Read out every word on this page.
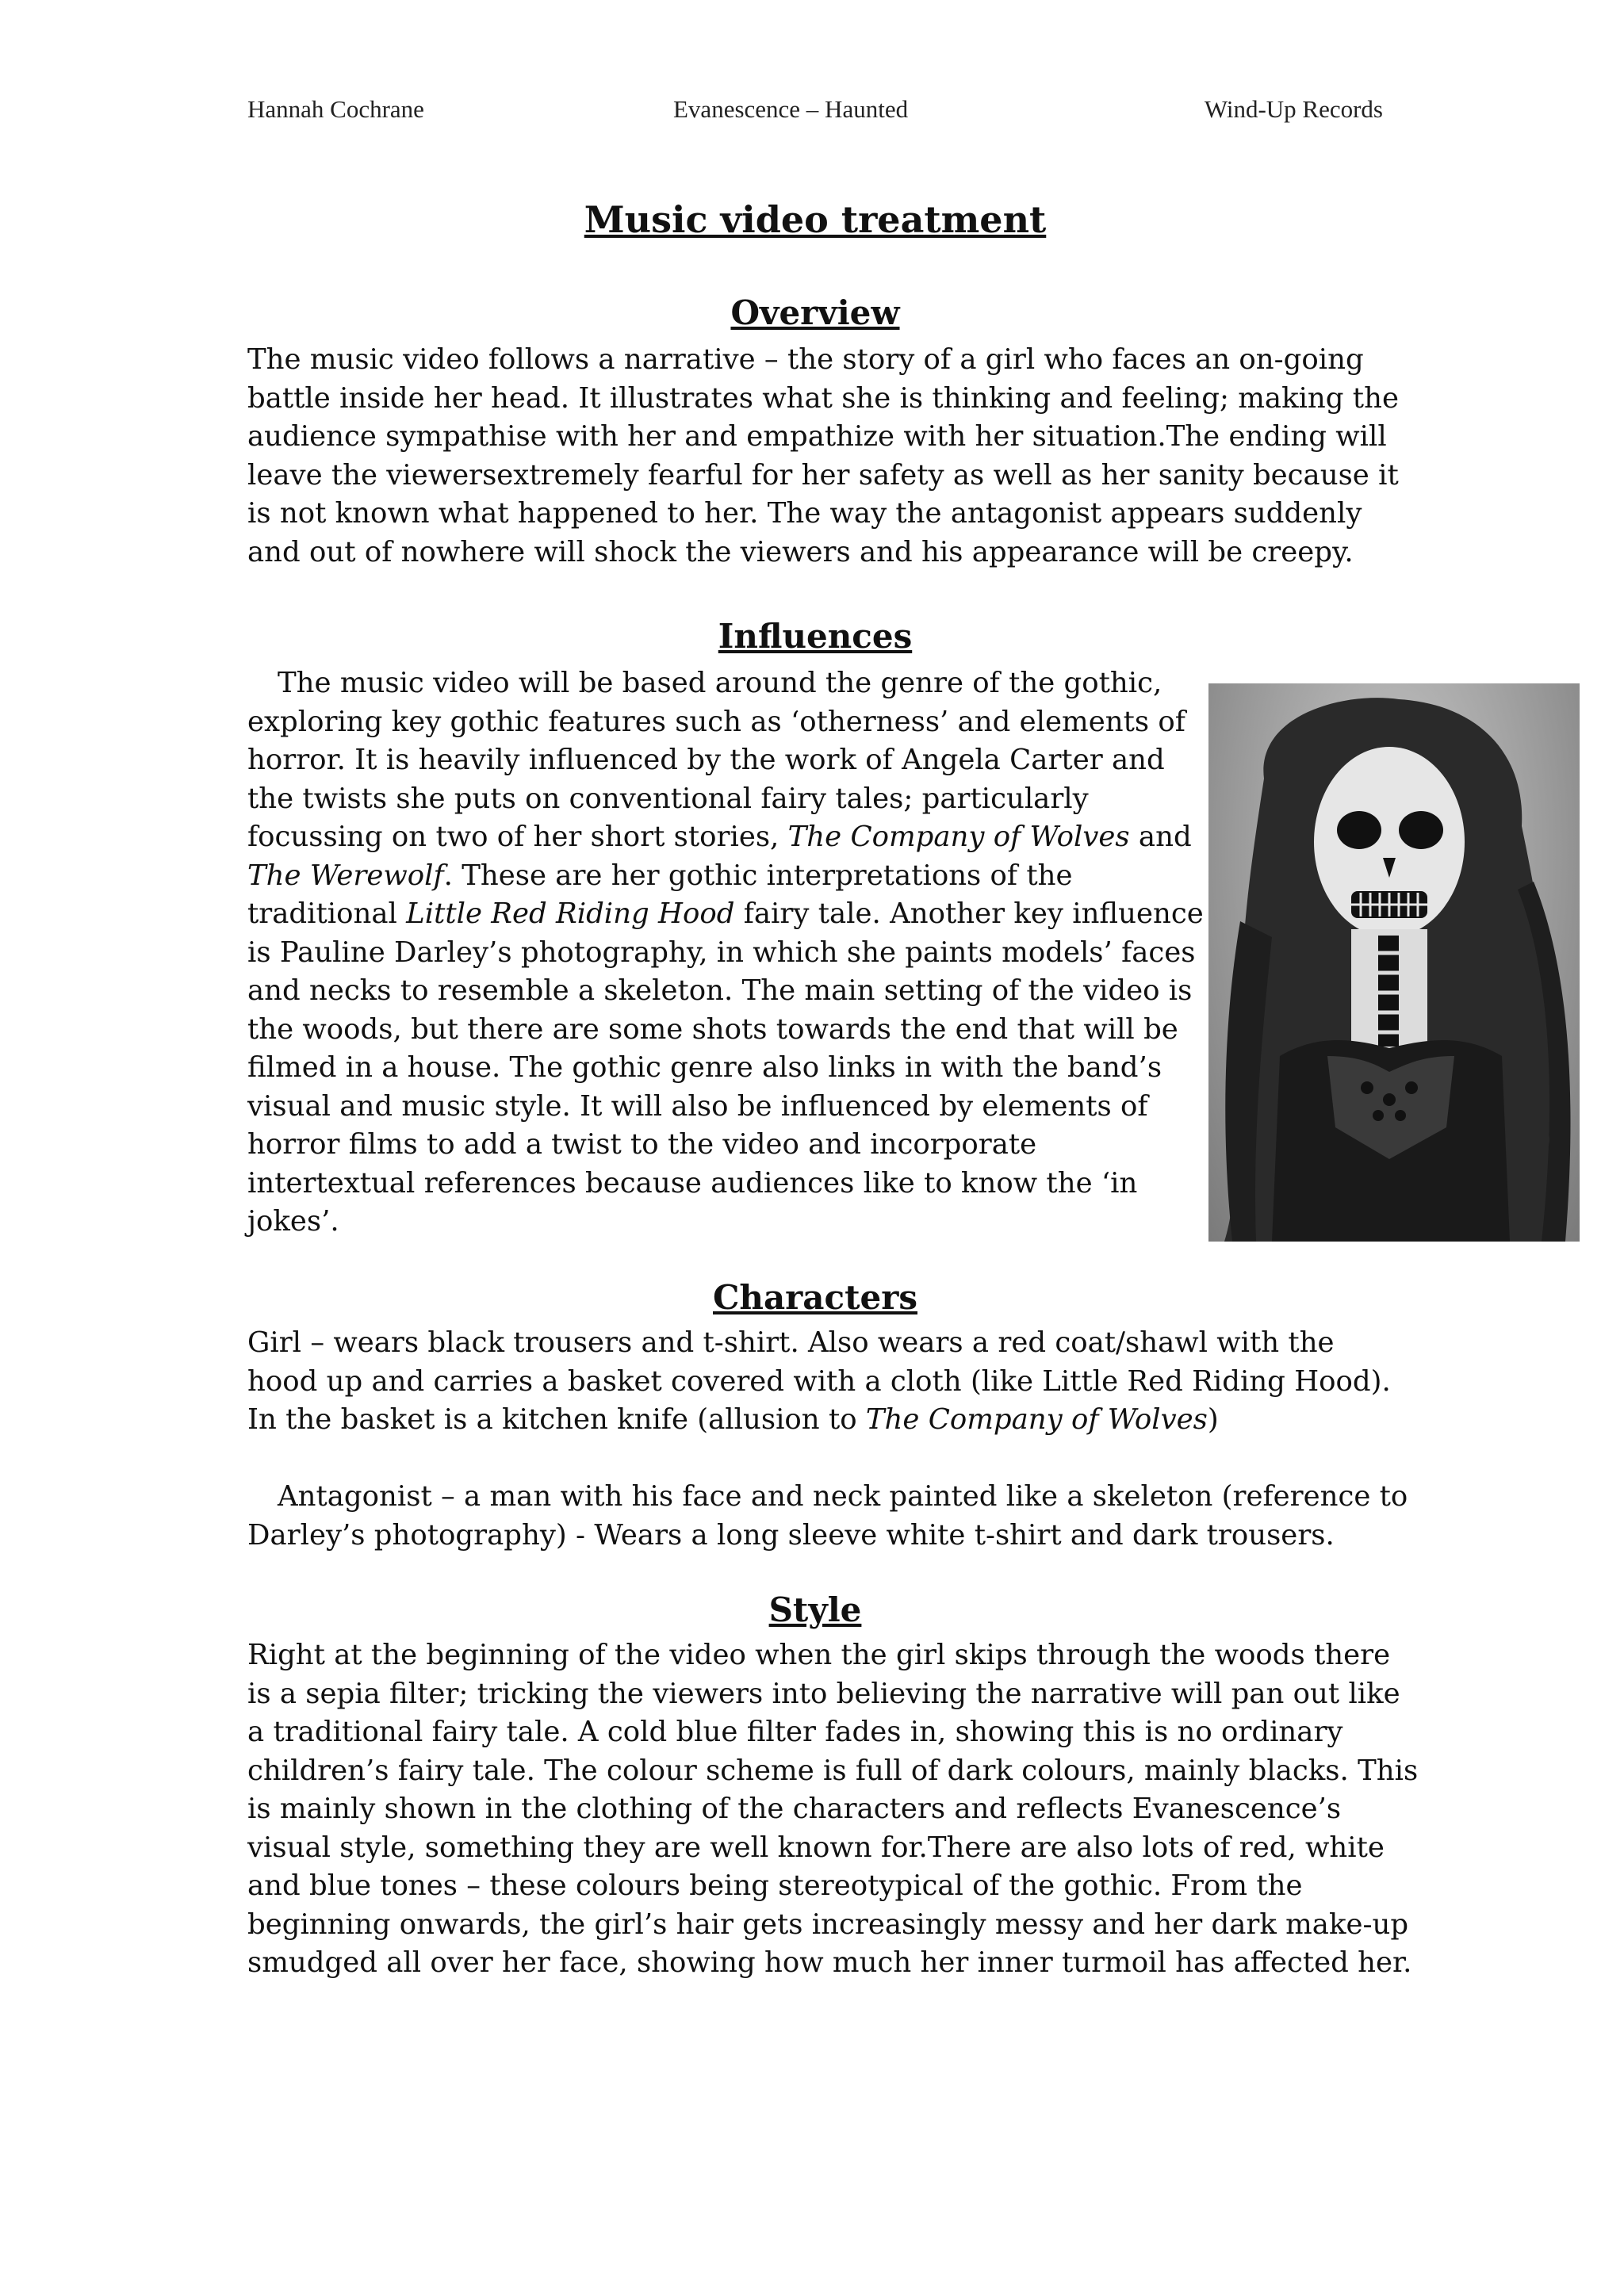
Hannah Cochrane	Evanescence – Haunted	Wind-Up Records
Music video treatment
Overview
The music video follows a narrative – the story of a girl who faces an on-going
battle inside her head. It illustrates what she is thinking and feeling; making the
audience sympathise with her and empathize with her situation.The ending will
leave the viewersextremely fearful for her safety as well as her sanity because it
is not known what happened to her. The way the antagonist appears suddenly
and out of nowhere will shock the viewers and his appearance will be creepy.
Influences
The music video will be based around the genre of the gothic,
exploring key gothic features such as ‘otherness’ and elements of
horror. It is heavily influenced by the work of Angela Carter and
the twists she puts on conventional fairy tales; particularly
focussing on two of her short stories, The Company of Wolves and
The Werewolf. These are her gothic interpretations of the
traditional Little Red Riding Hood fairy tale. Another key influence
is Pauline Darley’s photography, in which she paints models’ faces
and necks to resemble a skeleton. The main setting of the video is
the woods, but there are some shots towards the end that will be
filmed in a house. The gothic genre also links in with the band’s
visual and music style. It will also be influenced by elements of
horror films to add a twist to the video and incorporate
intertextual references because audiences like to know the ‘in
jokes’.
Characters
Girl – wears black trousers and t-shirt. Also wears a red coat/shawl with the
hood up and carries a basket covered with a cloth (like Little Red Riding Hood).
In the basket is a kitchen knife (allusion to The Company of Wolves)
Antagonist – a man with his face and neck painted like a skeleton (reference to
Darley’s photography) - Wears a long sleeve white t-shirt and dark trousers.
Style
Right at the beginning of the video when the girl skips through the woods there
is a sepia filter; tricking the viewers into believing the narrative will pan out like
a traditional fairy tale. A cold blue filter fades in, showing this is no ordinary
children’s fairy tale. The colour scheme is full of dark colours, mainly blacks. This
is mainly shown in the clothing of the characters and reflects Evanescence’s
visual style, something they are well known for.There are also lots of red, white
and blue tones – these colours being stereotypical of the gothic. From the
beginning onwards, the girl’s hair gets increasingly messy and her dark make-up
smudged all over her face, showing how much her inner turmoil has affected her.
